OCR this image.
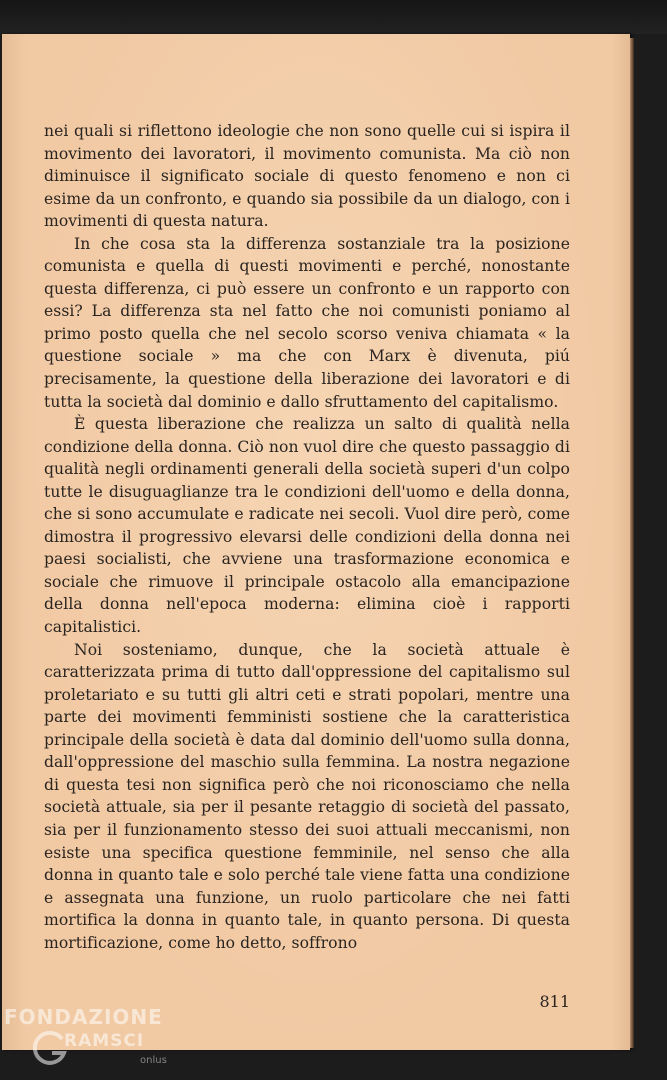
nei quali si riflettono ideologie che non sono quelle cui si ispira il movimento dei lavoratori, il movimento comunista. Ma ciò non diminuisce il significato sociale di questo fenomeno e non ci esime da un confronto, e quando sia possibile da un dialogo, con i movimenti di questa natura.

In che cosa sta la differenza sostanziale tra la posizione comunista e quella di questi movimenti e perché, nonostante questa differenza, ci può essere un confronto e un rapporto con essi? La differenza sta nel fatto che noi comunisti poniamo al primo posto quella che nel secolo scorso veniva chiamata « la questione sociale » ma che con Marx è divenuta, piú precisamente, la questione della liberazione dei lavoratori e di tutta la società dal dominio e dallo sfruttamento del capitalismo.

È questa liberazione che realizza un salto di qualità nella condizione della donna. Ciò non vuol dire che questo passaggio di qualità negli ordinamenti generali della società superi d'un colpo tutte le disuguaglianze tra le condizioni dell'uomo e della donna, che si sono accumulate e radicate nei secoli. Vuol dire però, come dimostra il progressivo elevarsi delle condizioni della donna nei paesi socialisti, che avviene una trasformazione economica e sociale che rimuove il principale ostacolo alla emancipazione della donna nell'epoca moderna: elimina cioè i rapporti capitalistici.

Noi sosteniamo, dunque, che la società attuale è caratterizzata prima di tutto dall'oppressione del capitalismo sul proletariato e su tutti gli altri ceti e strati popolari, mentre una parte dei movimenti femministi sostiene che la caratteristica principale della società è data dal dominio dell'uomo sulla donna, dall'oppressione del maschio sulla femmina. La nostra negazione di questa tesi non significa però che noi riconosciamo che nella società attuale, sia per il pesante retaggio di società del passato, sia per il funzionamento stesso dei suoi attuali meccanismi, non esiste una specifica questione femminile, nel senso che alla donna in quanto tale e solo perché tale viene fatta una condizione e assegnata una funzione, un ruolo particolare che nei fatti mortifica la donna in quanto tale, in quanto persona. Di questa mortificazione, come ho detto, soffrono

811
FONDAZIONE
RAMSCI
onlus
